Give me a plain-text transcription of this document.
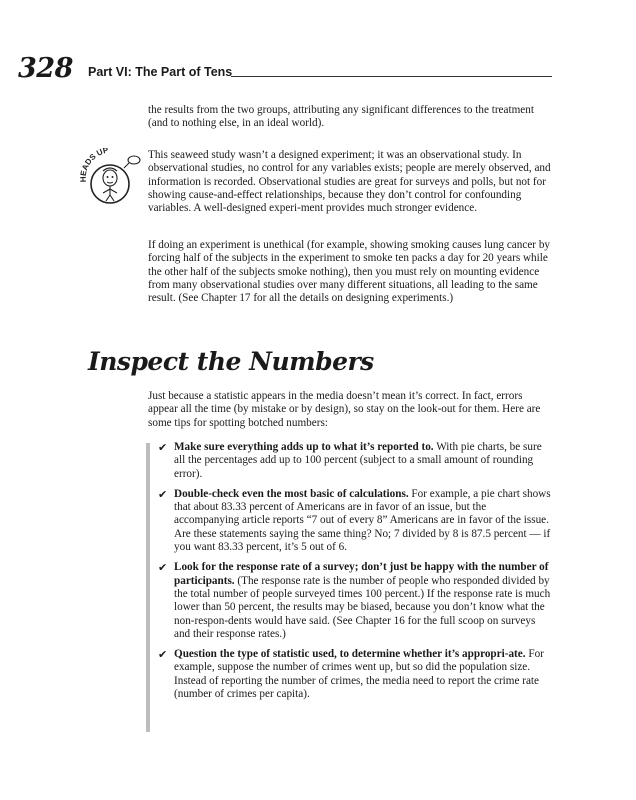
328 Part VI: The Part of Tens

the results from the two groups, attributing any significant differences to the treatment (and to nothing else, in an ideal world).

HEADS UP	This seaweed study wasn’t a designed experiment; it was an observational study. In observational studies, no control for any variables exists; people are merely observed, and information is recorded. Observational studies are great for surveys and polls, but not for showing cause-and-effect relationships, because they don’t control for confounding variables. A well-designed experi-ment provides much stronger evidence.

If doing an experiment is unethical (for example, showing smoking causes lung cancer by forcing half of the subjects in the experiment to smoke ten packs a day for 20 years while the other half of the subjects smoke nothing), then you must rely on mounting evidence from many observational studies over many different situations, all leading to the same result. (See Chapter 17 for all the details on designing experiments.)

Inspect the Numbers

Just because a statistic appears in the media doesn’t mean it’s correct. In fact, errors appear all the time (by mistake or by design), so stay on the look-out for them. Here are some tips for spotting botched numbers:

✔ Make sure everything adds up to what it’s reported to. With pie charts, be sure all the percentages add up to 100 percent (subject to a small amount of rounding error).
✔ Double-check even the most basic of calculations. For example, a pie chart shows that about 83.33 percent of Americans are in favor of an issue, but the accompanying article reports “7 out of every 8” Americans are in favor of the issue. Are these statements saying the same thing? No; 7 divided by 8 is 87.5 percent — if you want 83.33 percent, it’s 5 out of 6.
✔ Look for the response rate of a survey; don’t just be happy with the number of participants. (The response rate is the number of people who responded divided by the total number of people surveyed times 100 percent.) If the response rate is much lower than 50 percent, the results may be biased, because you don’t know what the non-respon-dents would have said. (See Chapter 16 for the full scoop on surveys and their response rates.)
✔ Question the type of statistic used, to determine whether it’s appropri-ate. For example, suppose the number of crimes went up, but so did the population size. Instead of reporting the number of crimes, the media need to report the crime rate (number of crimes per capita).
